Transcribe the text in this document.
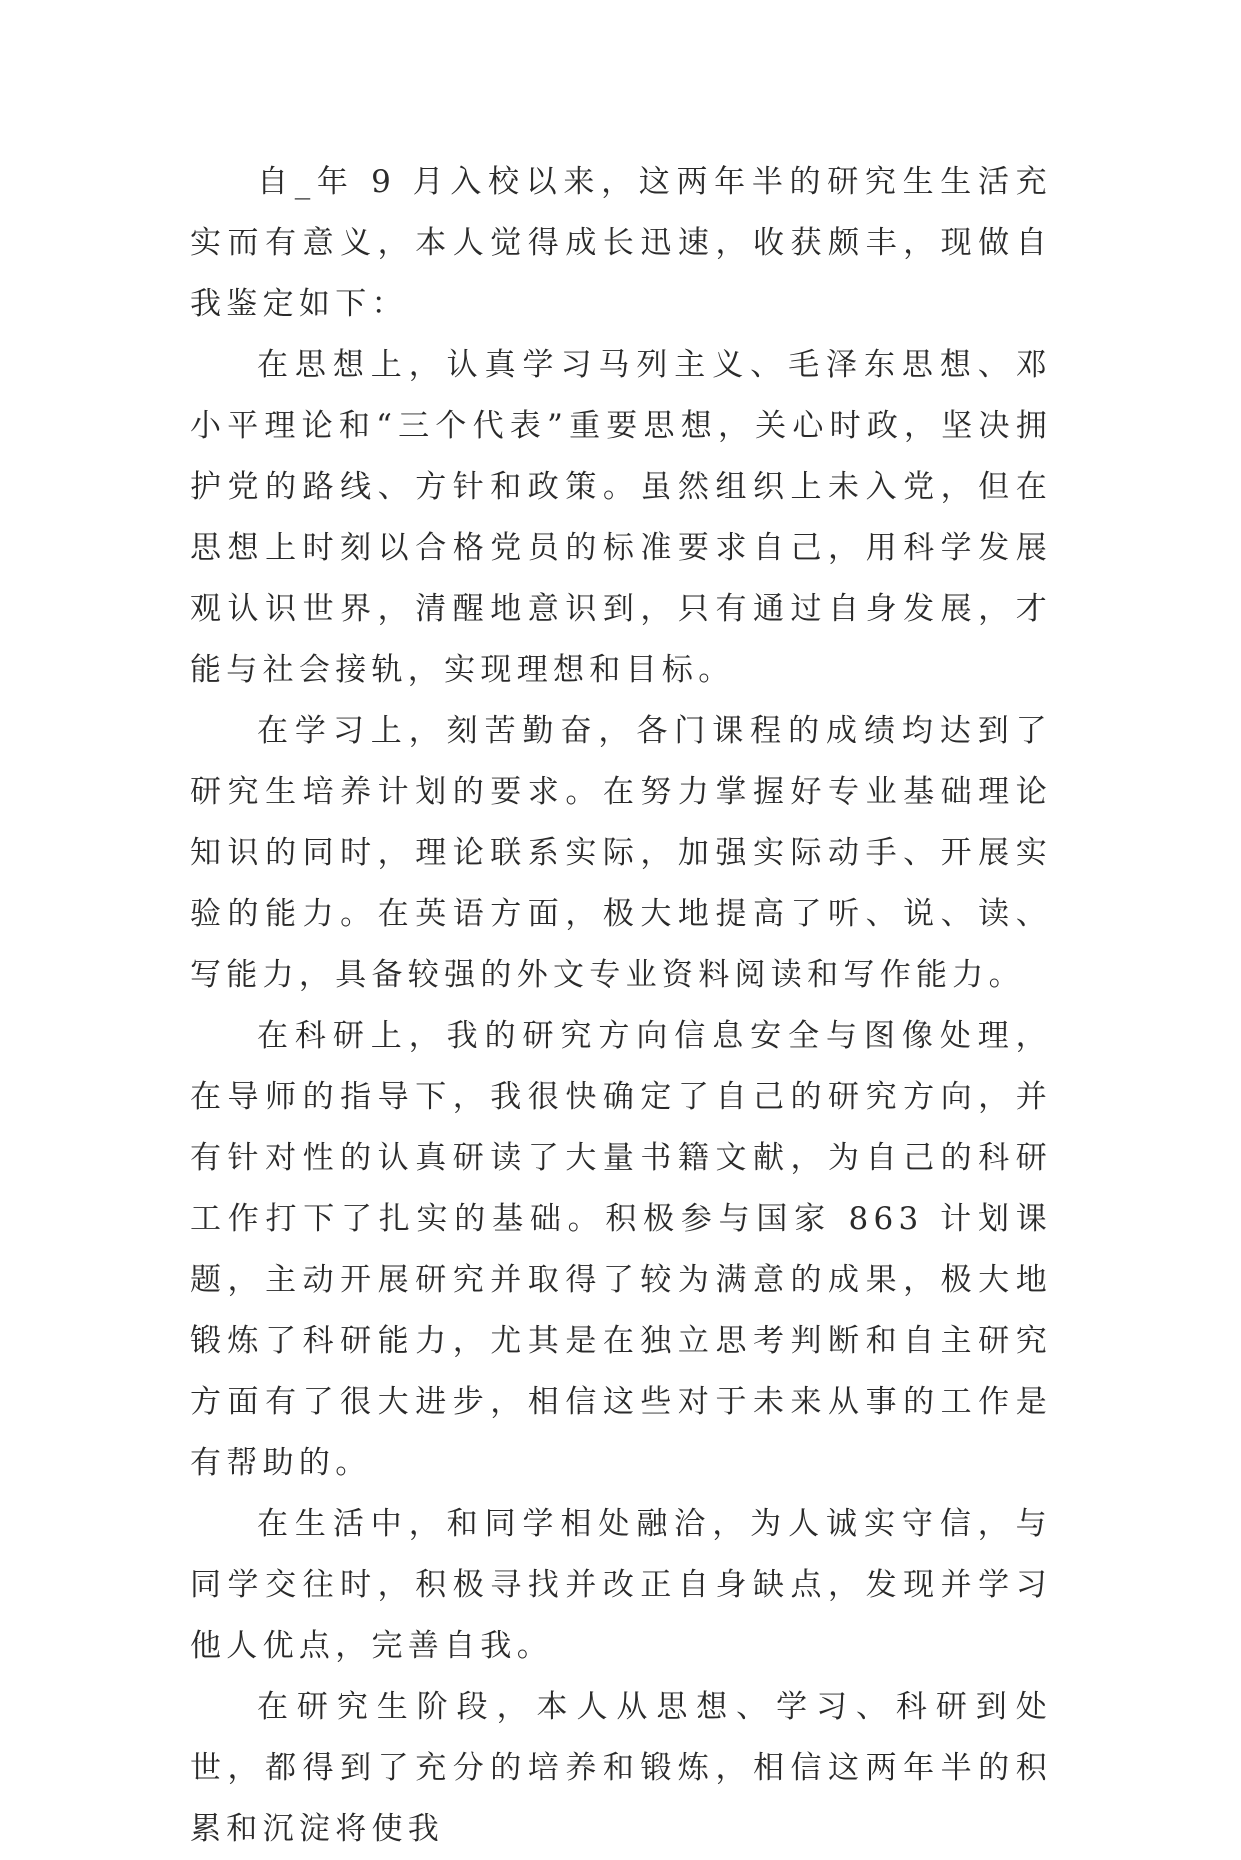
自_年 9 月入校以来，这两年半的研究生生活充实而有意义，本人觉得成长迅速，收获颇丰，现做自我鉴定如下：

在思想上，认真学习马列主义、毛泽东思想、邓小平理论和“三个代表”重要思想，关心时政，坚决拥护党的路线、方针和政策。虽然组织上未入党，但在思想上时刻以合格党员的标准要求自己，用科学发展观认识世界，清醒地意识到，只有通过自身发展，才能与社会接轨，实现理想和目标。

在学习上，刻苦勤奋，各门课程的成绩均达到了研究生培养计划的要求。在努力掌握好专业基础理论知识的同时，理论联系实际，加强实际动手、开展实验的能力。在英语方面，极大地提高了听、说、读、写能力，具备较强的外文专业资料阅读和写作能力。

在科研上，我的研究方向信息安全与图像处理，在导师的指导下，我很快确定了自己的研究方向，并有针对性的认真研读了大量书籍文献，为自己的科研工作打下了扎实的基础。积极参与国家 863 计划课题，主动开展研究并取得了较为满意的成果，极大地锻炼了科研能力，尤其是在独立思考判断和自主研究方面有了很大进步，相信这些对于未来从事的工作是有帮助的。

在生活中，和同学相处融洽，为人诚实守信，与同学交往时，积极寻找并改正自身缺点，发现并学习他人优点，完善自我。

在研究生阶段，本人从思想、学习、科研到处世，都得到了充分的培养和锻炼，相信这两年半的积累和沉淀将使我
